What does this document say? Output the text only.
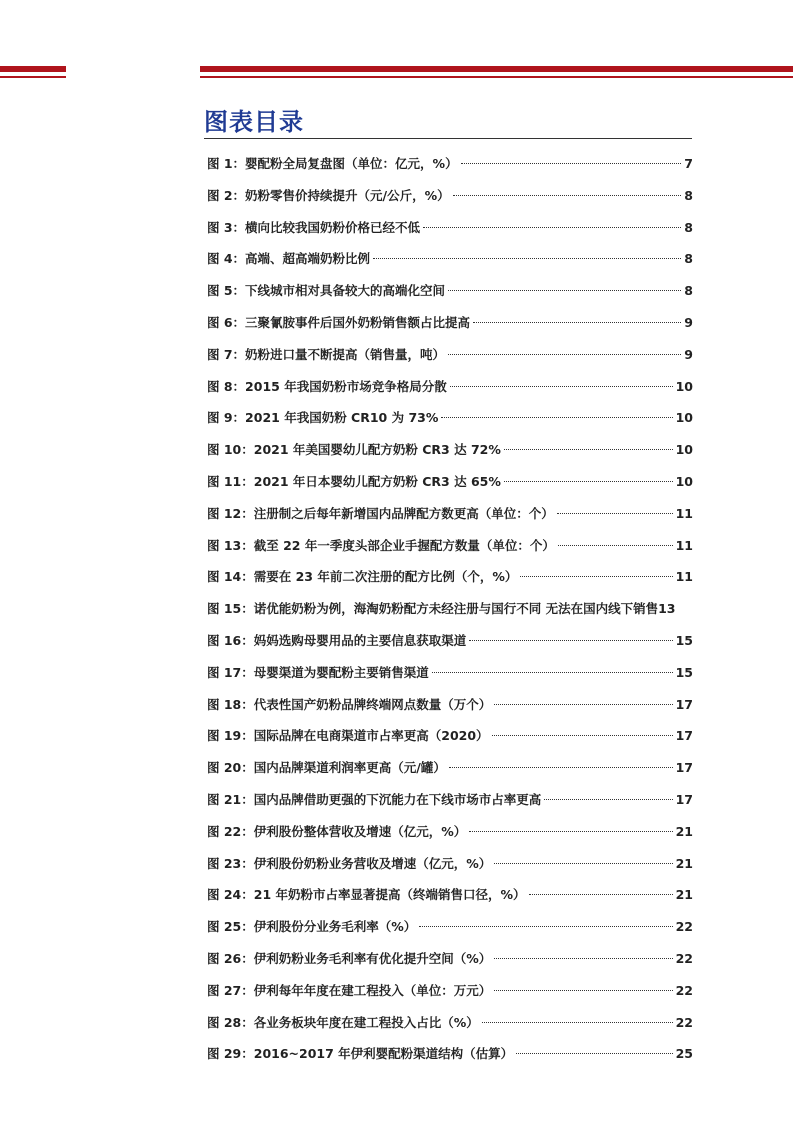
图表目录
图 1：婴配粉全局复盘图（单位：亿元，%）	7
图 2：奶粉零售价持续提升（元/公斤，%）	8
图 3：横向比较我国奶粉价格已经不低	8
图 4：高端、超高端奶粉比例	8
图 5：下线城市相对具备较大的高端化空间	8
图 6：三聚氰胺事件后国外奶粉销售额占比提高	9
图 7：奶粉进口量不断提高（销售量，吨）	9
图 8：2015 年我国奶粉市场竞争格局分散	10
图 9：2021 年我国奶粉 CR10 为 73%	10
图 10：2021 年美国婴幼儿配方奶粉 CR3 达 72%	10
图 11：2021 年日本婴幼儿配方奶粉 CR3 达 65%	10
图 12：注册制之后每年新增国内品牌配方数更高（单位：个）	11
图 13：截至 22 年一季度头部企业手握配方数量（单位：个）	11
图 14：需要在 23 年前二次注册的配方比例（个，%）	11
图 15：诺优能奶粉为例，海淘奶粉配方未经注册与国行不同 无法在国内线下销售 13
图 16：妈妈选购母婴用品的主要信息获取渠道	15
图 17：母婴渠道为婴配粉主要销售渠道	15
图 18：代表性国产奶粉品牌终端网点数量（万个）	17
图 19：国际品牌在电商渠道市占率更高（2020）	17
图 20：国内品牌渠道利润率更高（元/罐）	17
图 21：国内品牌借助更强的下沉能力在下线市场市占率更高	17
图 22：伊利股份整体营收及增速（亿元，%）	21
图 23：伊利股份奶粉业务营收及增速（亿元，%）	21
图 24：21 年奶粉市占率显著提高（终端销售口径，%）	21
图 25：伊利股份分业务毛利率（%）	22
图 26：伊利奶粉业务毛利率有优化提升空间（%）	22
图 27：伊利每年年度在建工程投入（单位：万元）	22
图 28：各业务板块年度在建工程投入占比（%）	22
图 29：2016~2017 年伊利婴配粉渠道结构（估算）	25
